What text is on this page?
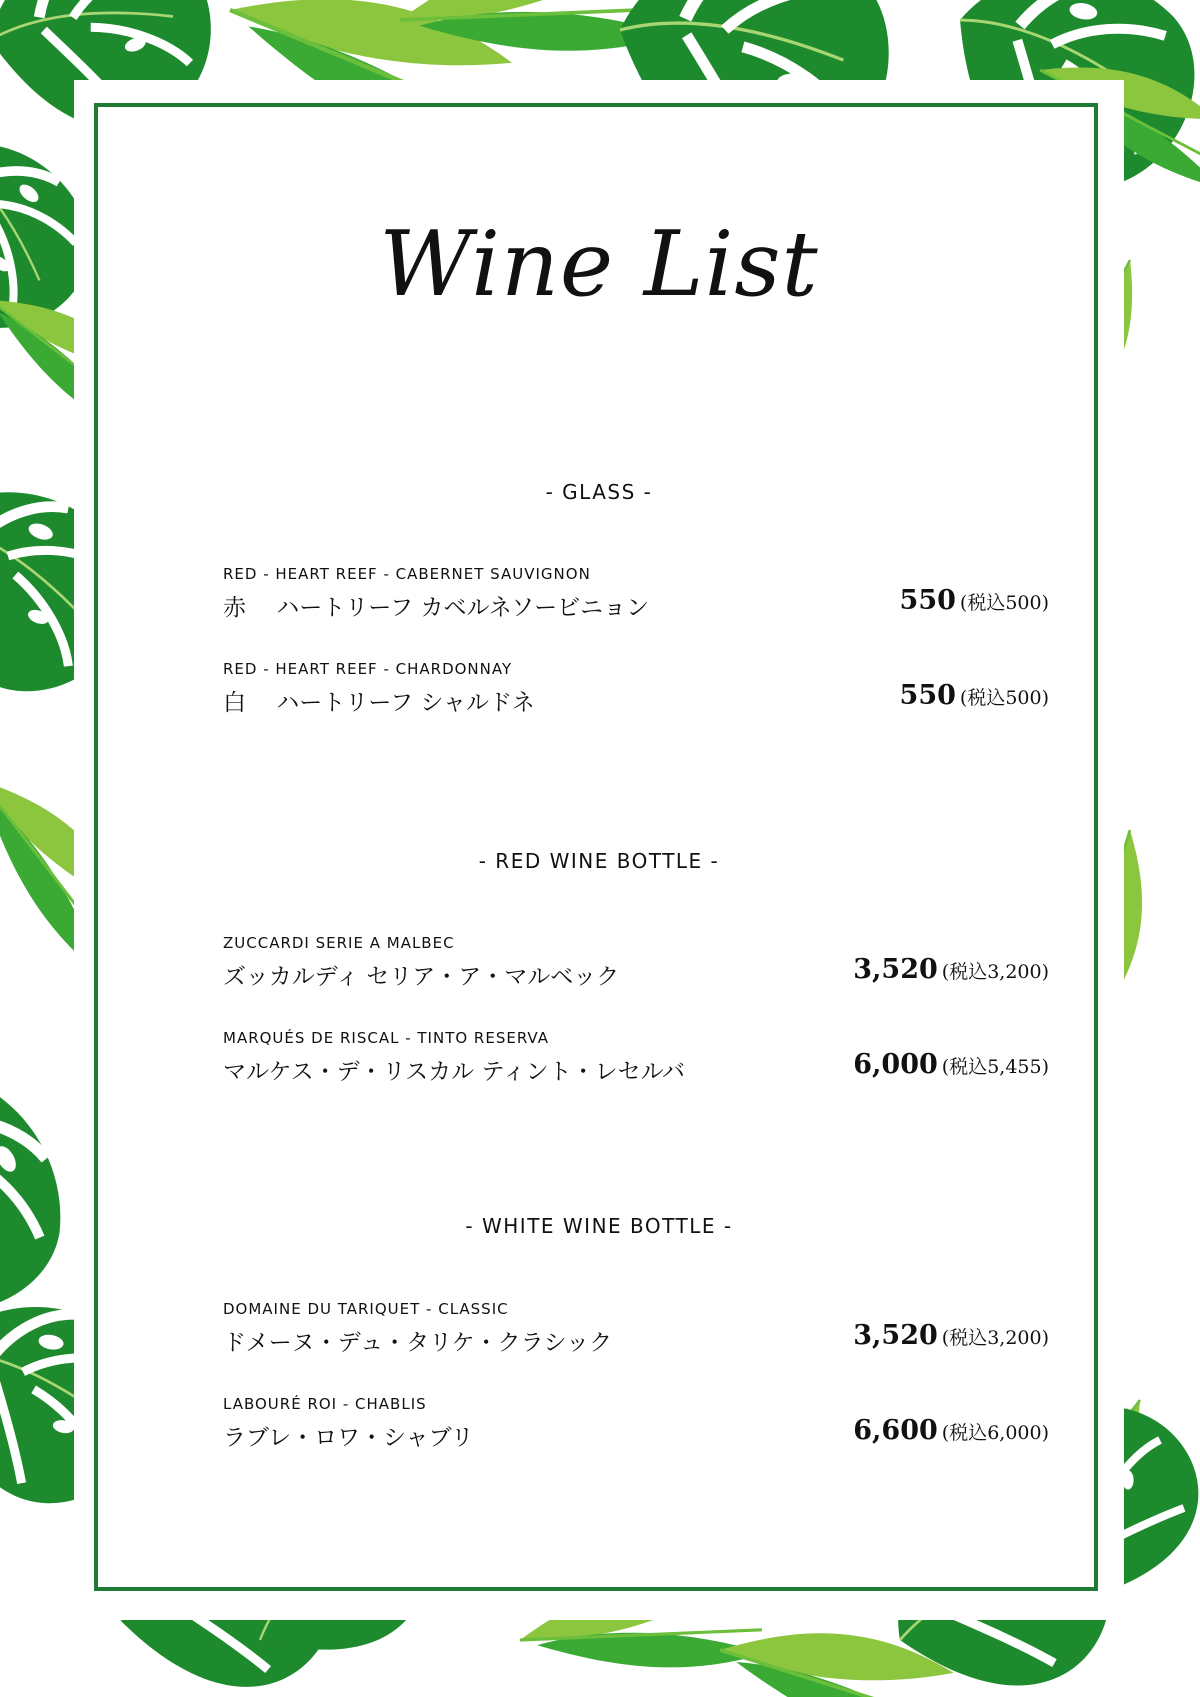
Wine List
- GLASS -
RED - HEART REEF - CABERNET SAUVIGNON
赤　 ハートリーフ カベルネソービニョン	550 (税込500)
RED - HEART REEF - CHARDONNAY
白　 ハートリーフ シャルドネ	550 (税込500)
- RED WINE BOTTLE -
ZUCCARDI SERIE A MALBEC
ズッカルディ セリア・ア・マルベック	3,520 (税込3,200)
MARQUÉS DE RISCAL - TINTO RESERVA
マルケス・デ・リスカル ティント・レセルバ	6,000 (税込5,455)
- WHITE WINE BOTTLE -
DOMAINE DU TARIQUET - CLASSIC
ドメーヌ・デュ・タリケ・クラシック	3,520 (税込3,200)
LABOURÉ ROI - CHABLIS
ラブレ・ロワ・シャブリ	6,600 (税込6,000)
